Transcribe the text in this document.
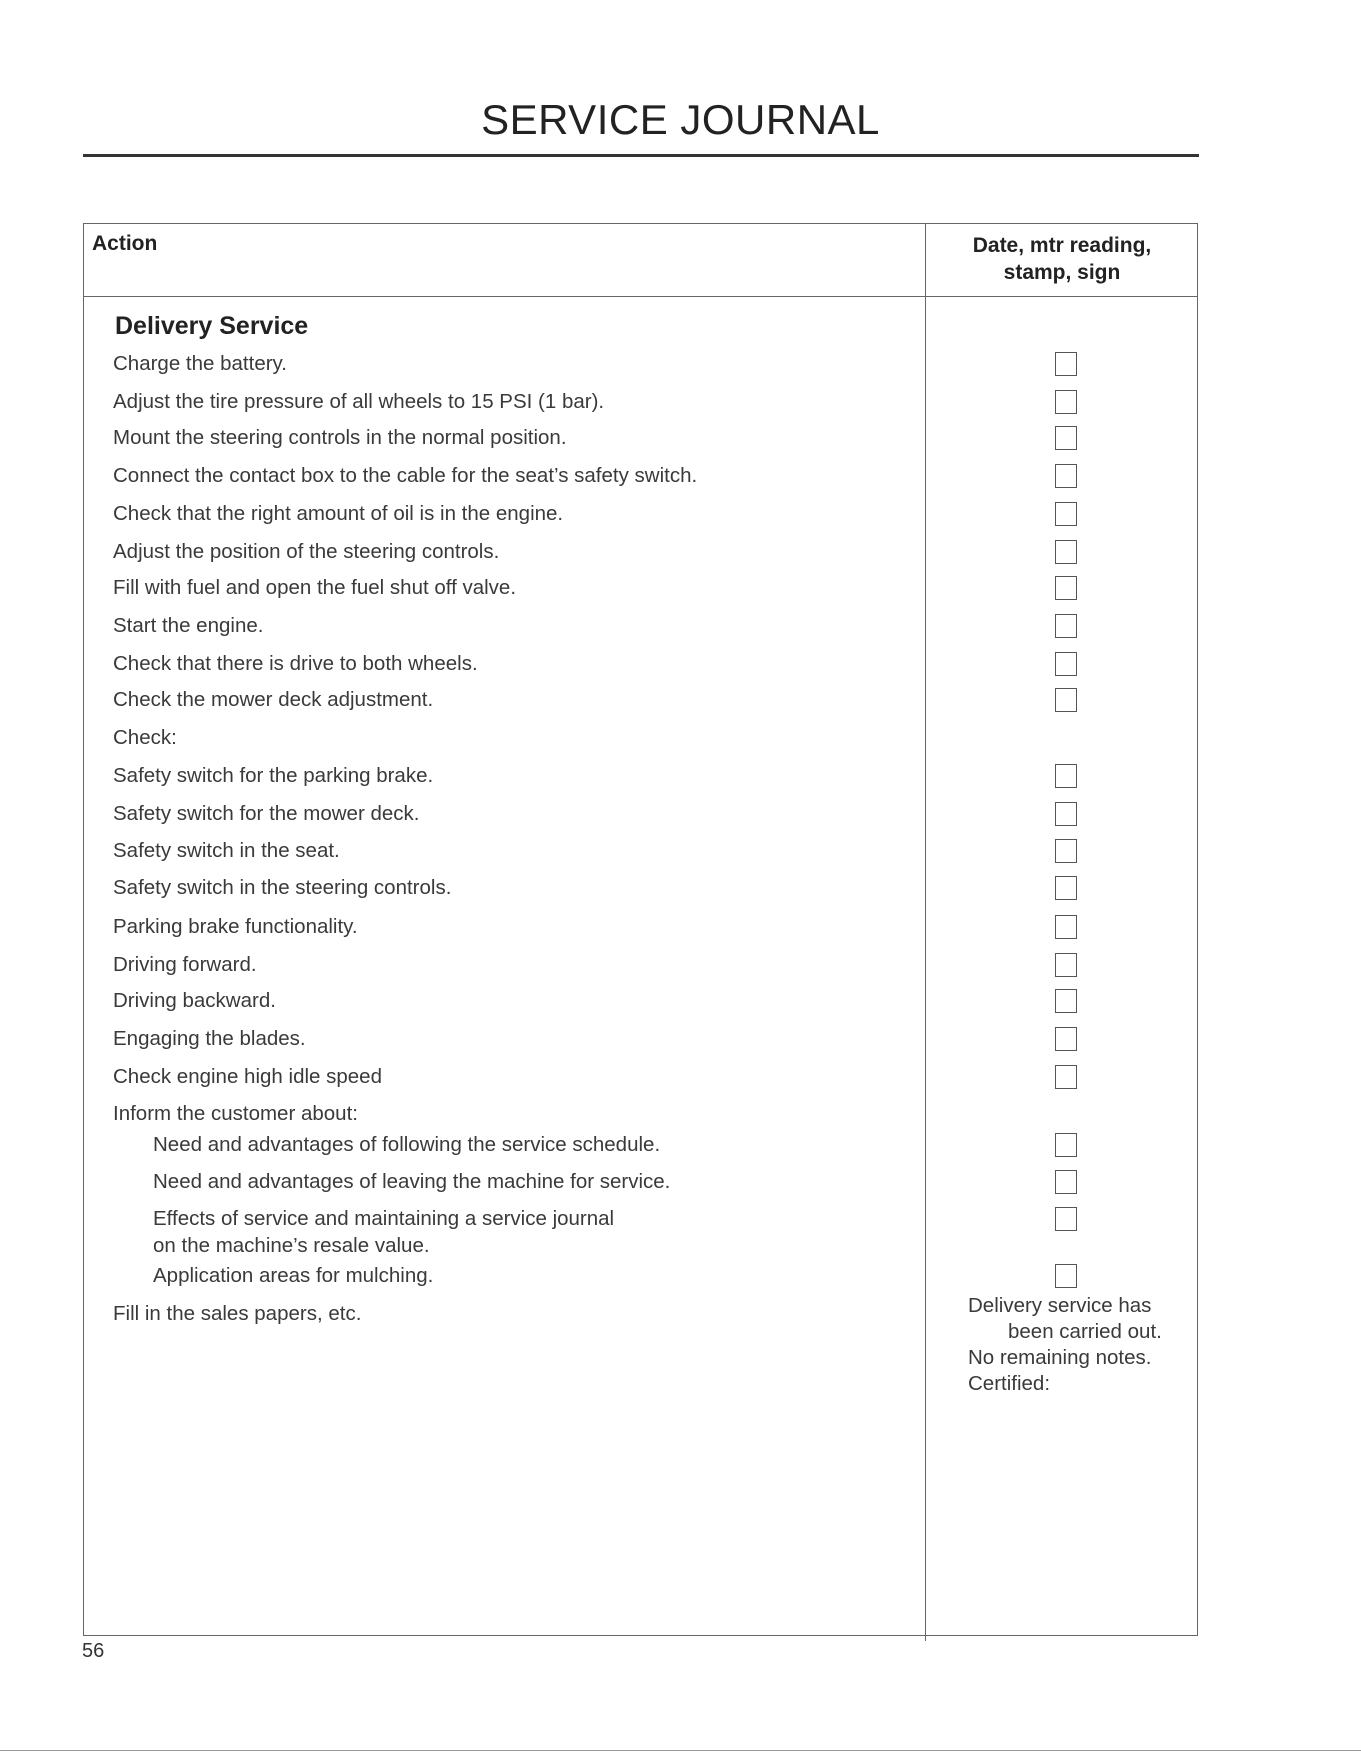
SERVICE JOURNAL
Action	Date, mtr reading,
stamp, sign
Delivery Service
Charge the battery.
Adjust the tire pressure of all wheels to 15 PSI (1 bar).
Mount the steering controls in the normal position.
Connect the contact box to the cable for the seat’s safety switch.
Check that the right amount of oil is in the engine.
Adjust the position of the steering controls.
Fill with fuel and open the fuel shut off valve.
Start the engine.
Check that there is drive to both wheels.
Check the mower deck adjustment.
Check:
Safety switch for the parking brake.
Safety switch for the mower deck.
Safety switch in the seat.
Safety switch in the steering controls.
Parking brake functionality.
Driving forward.
Driving backward.
Engaging the blades.
Check engine high idle speed
Inform the customer about:
Need and advantages of following the service schedule.
Need and advantages of leaving the machine for service.
Effects of service and maintaining a service journal
on the machine’s resale value.
Application areas for mulching.
Fill in the sales papers, etc.	Delivery service has
been carried out.
No remaining notes.
Certified:
56
